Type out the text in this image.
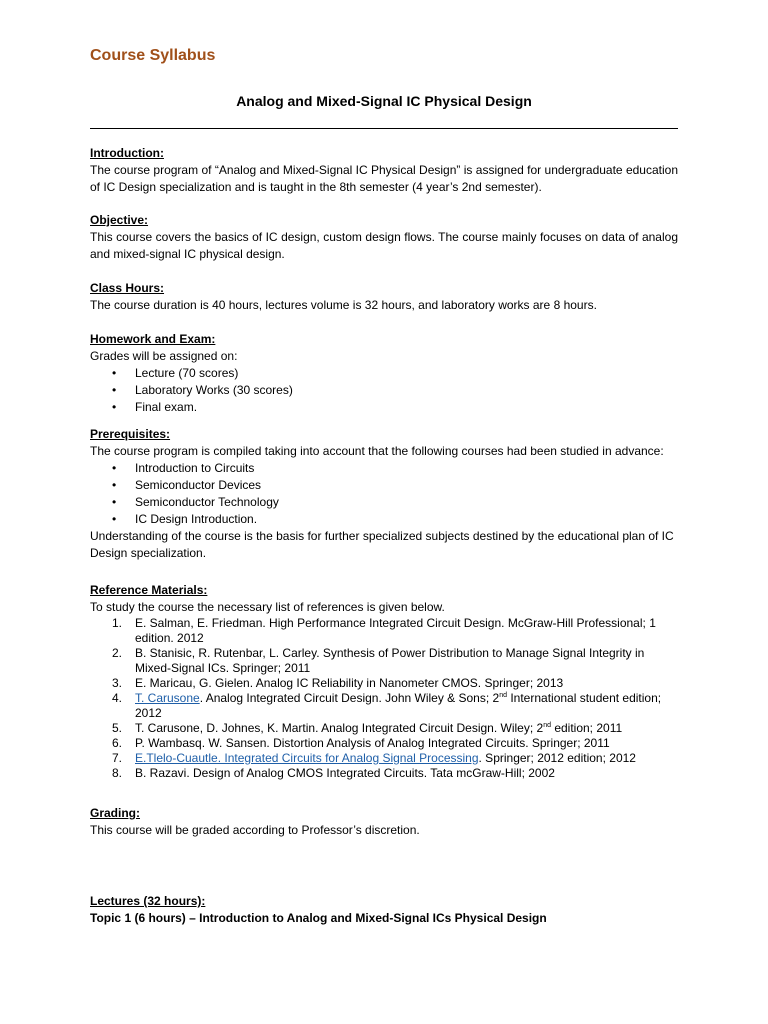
Course Syllabus
Analog and Mixed-Signal IC Physical Design
Introduction:
The course program of “Analog and Mixed-Signal IC Physical Design” is assigned for undergraduate education of IC Design specialization and is taught in the 8th semester (4 year’s 2nd semester).
Objective:
This course covers the basics of IC design, custom design flows. The course mainly focuses on data of analog and mixed-signal IC physical design.
Class Hours:
The course duration is 40 hours, lectures volume is 32 hours, and laboratory works are 8 hours.
Homework and Exam:
Grades will be assigned on:
• Lecture (70 scores)
• Laboratory Works (30 scores)
• Final exam.
Prerequisites:
The course program is compiled taking into account that the following courses had been studied in advance:
• Introduction to Circuits
• Semiconductor Devices
• Semiconductor Technology
• IC Design Introduction.
Understanding of the course is the basis for further specialized subjects destined by the educational plan of IC Design specialization.
Reference Materials:
To study the course the necessary list of references is given below.
1. E. Salman, E. Friedman. High Performance Integrated Circuit Design. McGraw-Hill Professional; 1 edition. 2012
2. B. Stanisic, R. Rutenbar, L. Carley. Synthesis of Power Distribution to Manage Signal Integrity in Mixed-Signal ICs. Springer; 2011
3. E. Maricau, G. Gielen. Analog IC Reliability in Nanometer CMOS. Springer; 2013
4. T. Carusone. Analog Integrated Circuit Design. John Wiley & Sons; 2nd International student edition; 2012
5. T. Carusone, D. Johnes, K. Martin. Analog Integrated Circuit Design. Wiley; 2nd edition; 2011
6. P. Wambasq. W. Sansen. Distortion Analysis of Analog Integrated Circuits. Springer; 2011
7. E.Tlelo-Cuautle. Integrated Circuits for Analog Signal Processing. Springer; 2012 edition; 2012
8. B. Razavi. Design of Analog CMOS Integrated Circuits. Tata mcGraw-Hill; 2002
Grading:
This course will be graded according to Professor’s discretion.
Lectures (32 hours):
Topic 1 (6 hours) – Introduction to Analog and Mixed-Signal ICs Physical Design
